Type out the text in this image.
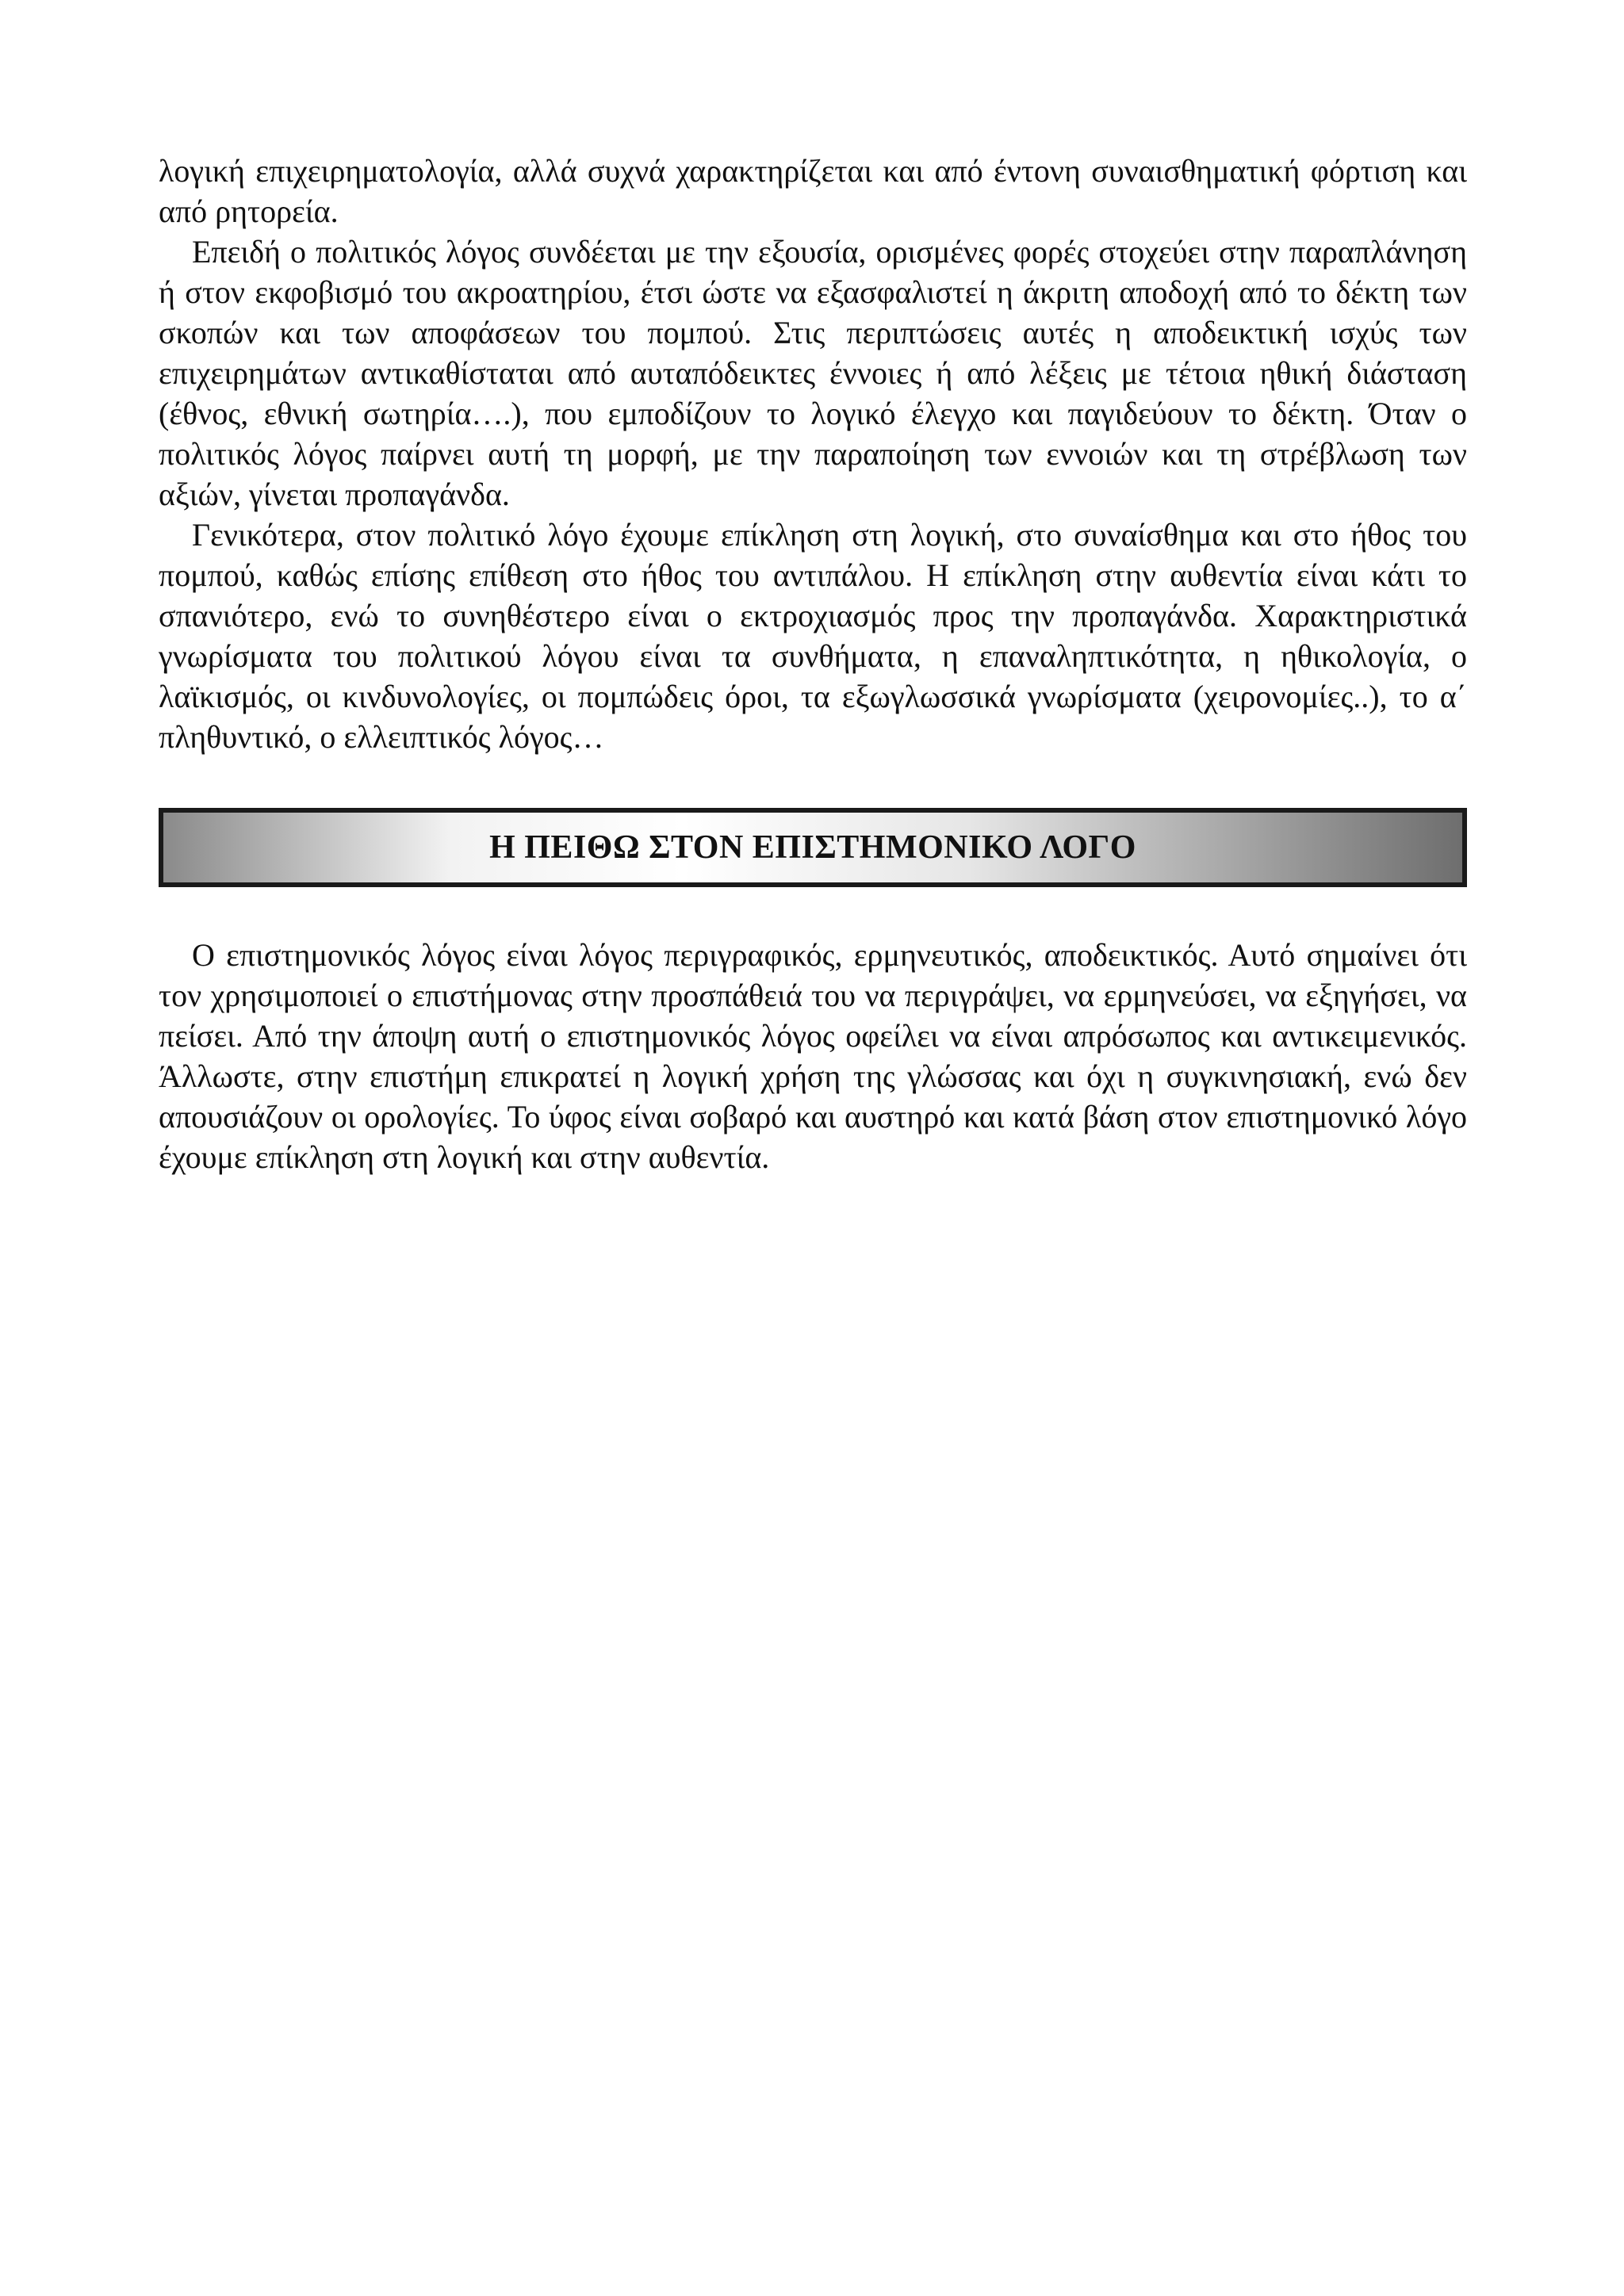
λογική επιχειρηματολογία, αλλά συχνά χαρακτηρίζεται και από έντονη συναισθηματική φόρτιση και από ρητορεία.

Επειδή ο πολιτικός λόγος συνδέεται με την εξουσία, ορισμένες φορές στοχεύει στην παραπλάνηση ή στον εκφοβισμό του ακροατηρίου, έτσι ώστε να εξασφαλιστεί η άκριτη αποδοχή από το δέκτη των σκοπών και των αποφάσεων του πομπού. Στις περιπτώσεις αυτές η αποδεικτική ισχύς των επιχειρημάτων αντικαθίσταται από αυταπόδεικτες έννοιες ή από λέξεις με τέτοια ηθική διάσταση (έθνος, εθνική σωτηρία….), που εμποδίζουν το λογικό έλεγχο και παγιδεύουν το δέκτη. Όταν ο πολιτικός λόγος παίρνει αυτή τη μορφή, με την παραποίηση των εννοιών και τη στρέβλωση των αξιών, γίνεται προπαγάνδα.

Γενικότερα, στον πολιτικό λόγο έχουμε επίκληση στη λογική, στο συναίσθημα και στο ήθος του πομπού, καθώς επίσης επίθεση στο ήθος του αντιπάλου. Η επίκληση στην αυθεντία είναι κάτι το σπανιότερο, ενώ το συνηθέστερο είναι ο εκτροχιασμός προς την προπαγάνδα. Χαρακτηριστικά γνωρίσματα του πολιτικού λόγου είναι τα συνθήματα, η επαναληπτικότητα, η ηθικολογία, ο λαϊκισμός, οι κινδυνολογίες, οι πομπώδεις όροι, τα εξωγλωσσικά γνωρίσματα (χειρονομίες..), το α΄ πληθυντικό, ο ελλειπτικός λόγος…

Η ΠΕΙΘΩ ΣΤΟΝ ΕΠΙΣΤΗΜΟΝΙΚΟ ΛΟΓΟ

Ο επιστημονικός λόγος είναι λόγος περιγραφικός, ερμηνευτικός, αποδεικτικός. Αυτό σημαίνει ότι τον χρησιμοποιεί ο επιστήμονας στην προσπάθειά του να περιγράψει, να ερμηνεύσει, να εξηγήσει, να πείσει. Από την άποψη αυτή ο επιστημονικός λόγος οφείλει να είναι απρόσωπος και αντικειμενικός. Άλλωστε, στην επιστήμη επικρατεί η λογική χρήση της γλώσσας και όχι η συγκινησιακή, ενώ δεν απουσιάζουν οι ορολογίες. Το ύφος είναι σοβαρό και αυστηρό και κατά βάση στον επιστημονικό λόγο έχουμε επίκληση στη λογική και στην αυθεντία.
